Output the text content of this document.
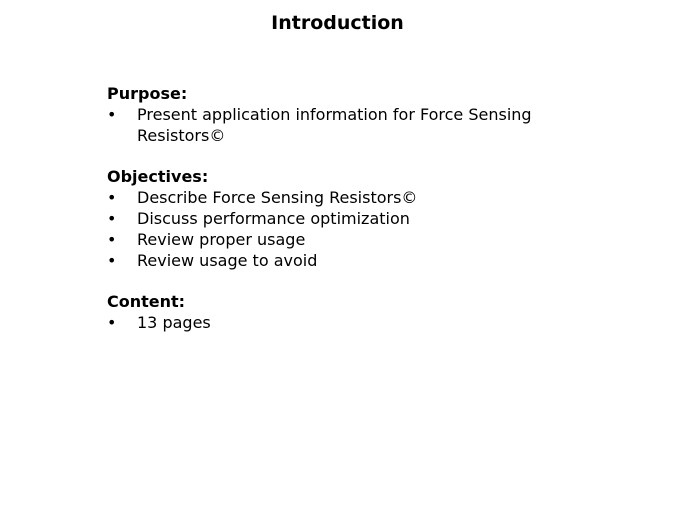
Introduction
Purpose:
• Present application information for Force Sensing Resistors©
Objectives:
• Describe Force Sensing Resistors©
• Discuss performance optimization
• Review proper usage
• Review usage to avoid
Content:
• 13 pages
